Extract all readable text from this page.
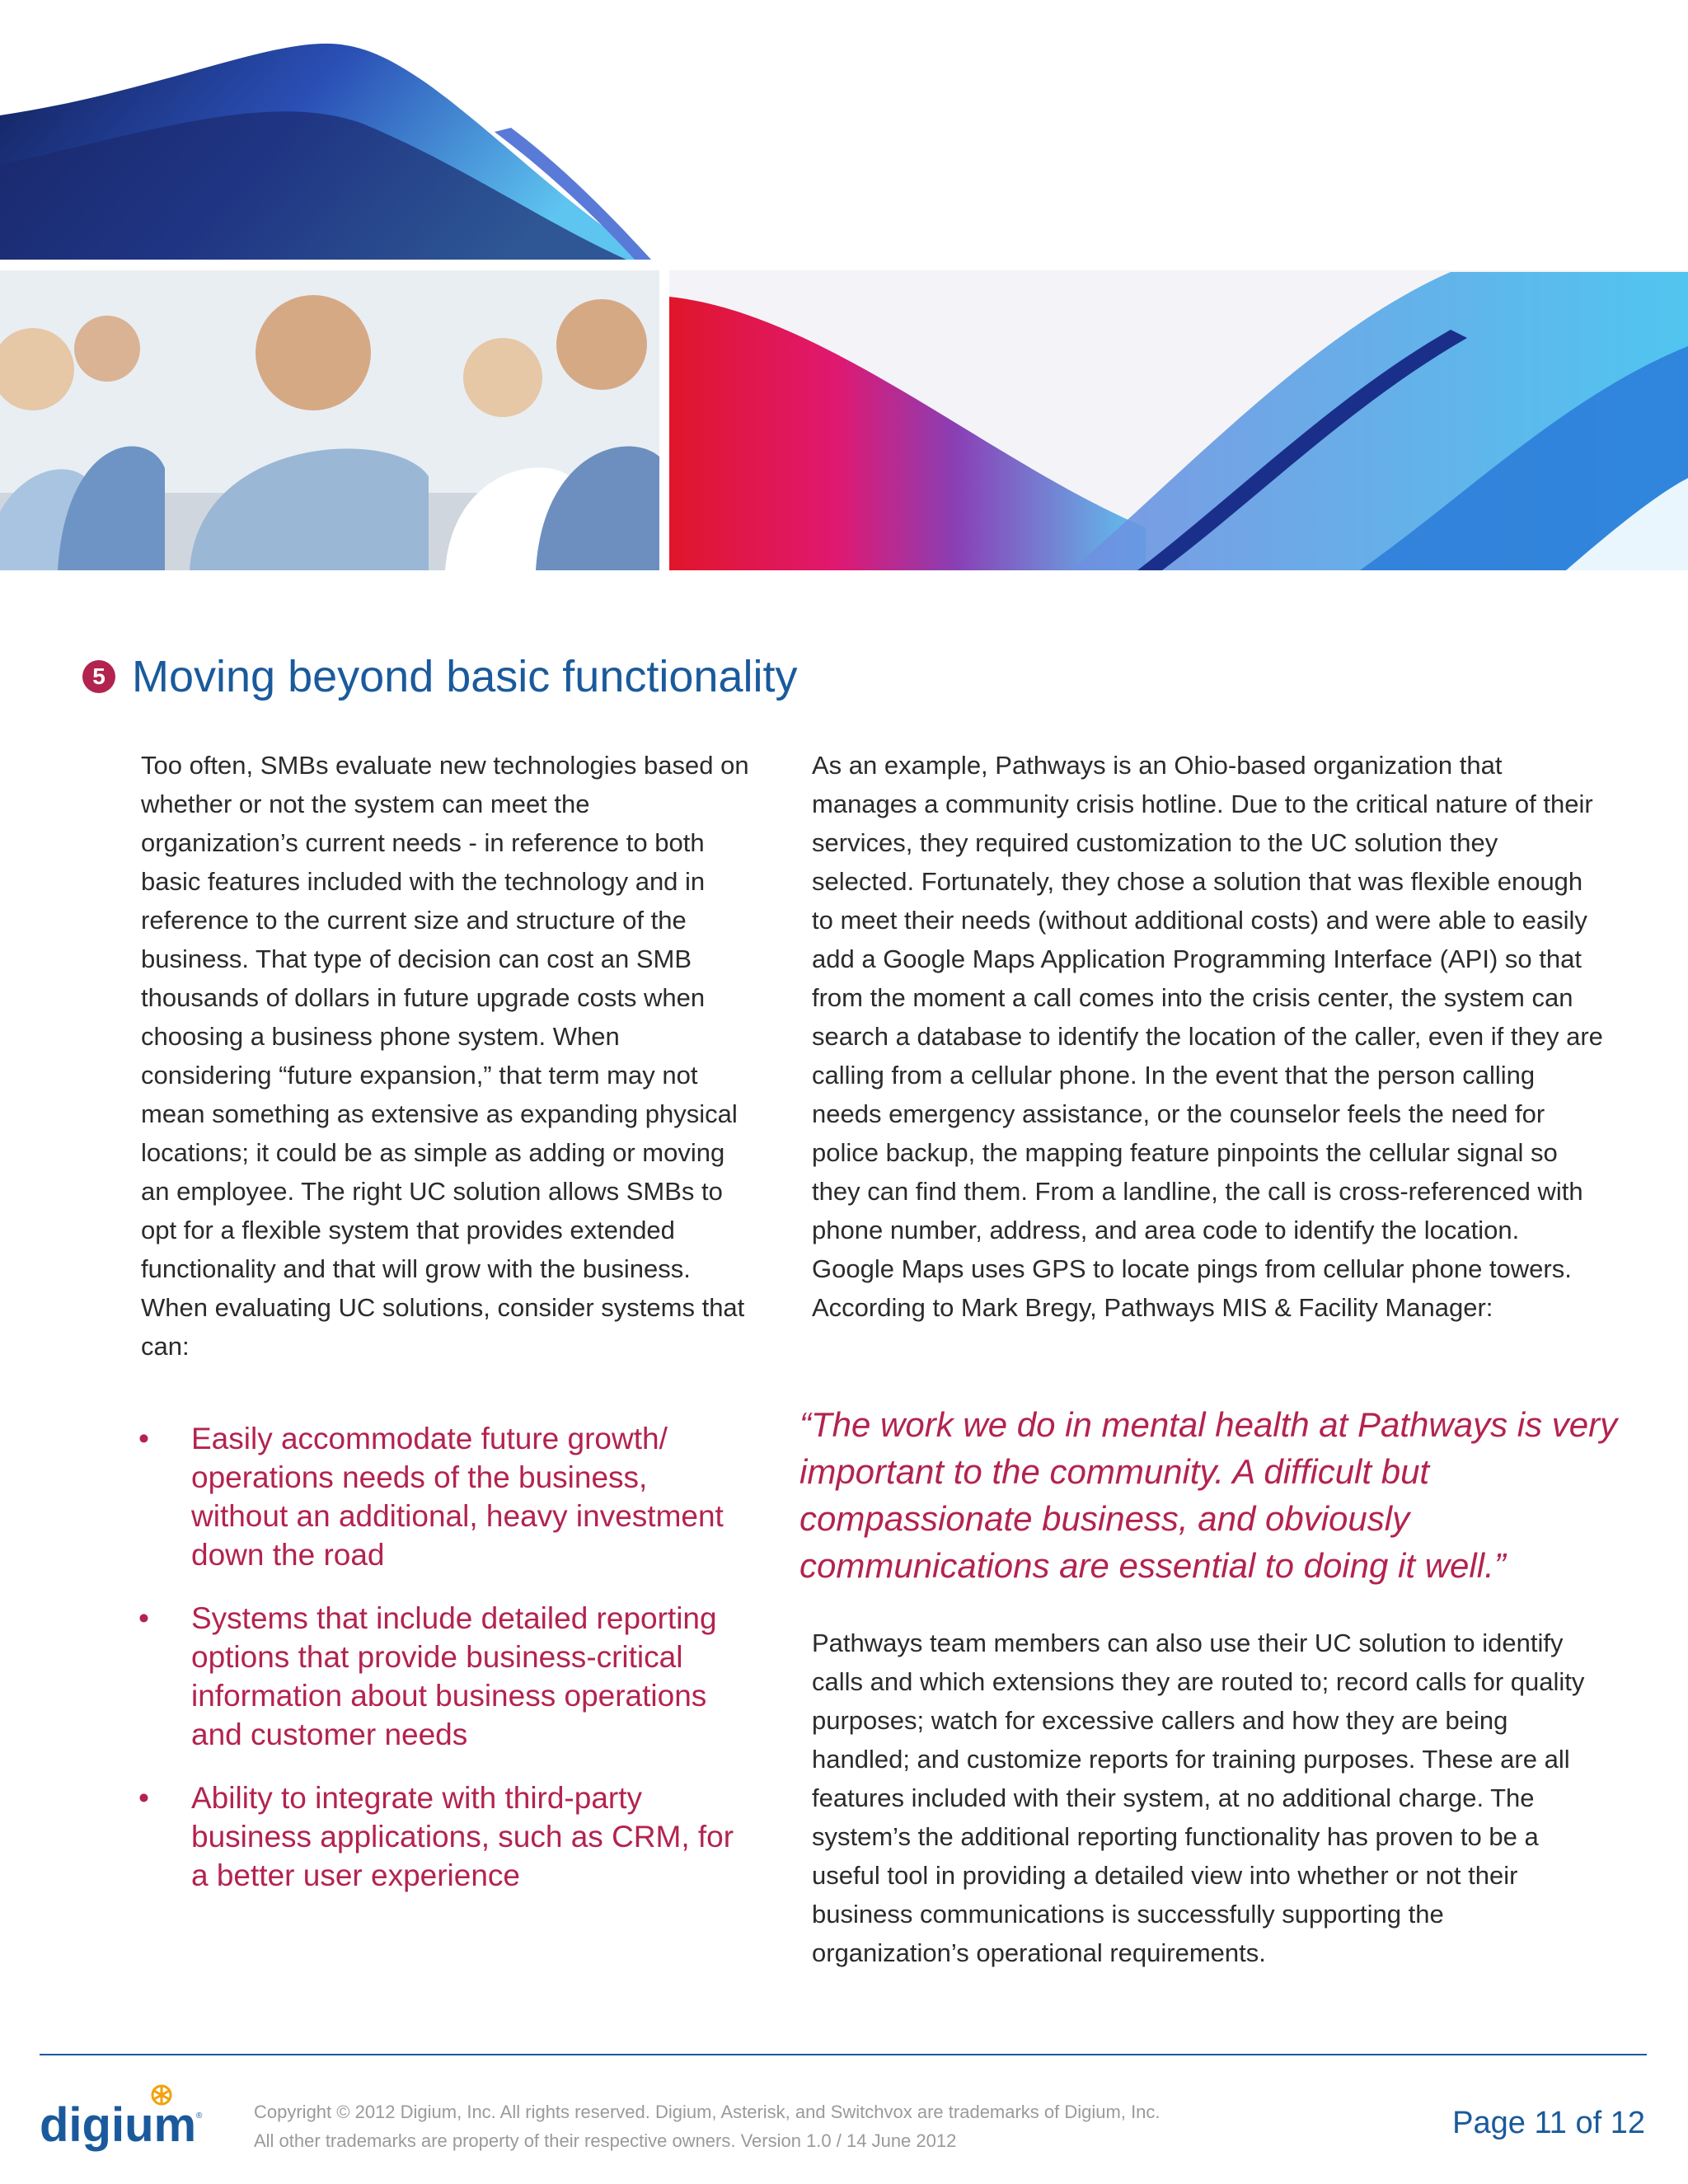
5 Moving beyond basic functionality

Too often, SMBs evaluate new technologies based on whether or not the system can meet the organization’s current needs - in reference to both basic features included with the technology and in reference to the current size and structure of the business. That type of decision can cost an SMB thousands of dollars in future upgrade costs when choosing a business phone system. When considering “future expansion,” that term may not mean something as extensive as expanding physical locations; it could be as simple as adding or moving an employee. The right UC solution allows SMBs to opt for a flexible system that provides extended functionality and that will grow with the business. When evaluating UC solutions, consider systems that can:

• Easily accommodate future growth/ operations needs of the business, without an additional, heavy investment down the road
• Systems that include detailed reporting options that provide business-critical information about business operations and customer needs
• Ability to integrate with third-party business applications, such as CRM, for a better user experience

As an example, Pathways is an Ohio-based organization that manages a community crisis hotline. Due to the critical nature of their services, they required customization to the UC solution they selected. Fortunately, they chose a solution that was flexible enough to meet their needs (without additional costs) and were able to easily add a Google Maps Application Programming Interface (API) so that from the moment a call comes into the crisis center, the system can search a database to identify the location of the caller, even if they are calling from a cellular phone. In the event that the person calling needs emergency assistance, or the counselor feels the need for police backup, the mapping feature pinpoints the cellular signal so they can find them. From a landline, the call is cross-referenced with phone number, address, and area code to identify the location. Google Maps uses GPS to locate pings from cellular phone towers. According to Mark Bregy, Pathways MIS & Facility Manager:

“The work we do in mental health at Pathways is very important to the community. A difficult but compassionate business, and obviously communications are essential to doing it well.”

Pathways team members can also use their UC solution to identify calls and which extensions they are routed to; record calls for quality purposes; watch for excessive callers and how they are being handled; and customize reports for training purposes. These are all features included with their system, at no additional charge. The system’s the additional reporting functionality has proven to be a useful tool in providing a detailed view into whether or not their business communications is successfully supporting the organization’s operational requirements.

digium ®	Copyright © 2012 Digium, Inc. All rights reserved. Digium, Asterisk, and Switchvox are trademarks of Digium, Inc.
All other trademarks are property of their respective owners. Version 1.0 / 14 June 2012
Page 11 of 12
